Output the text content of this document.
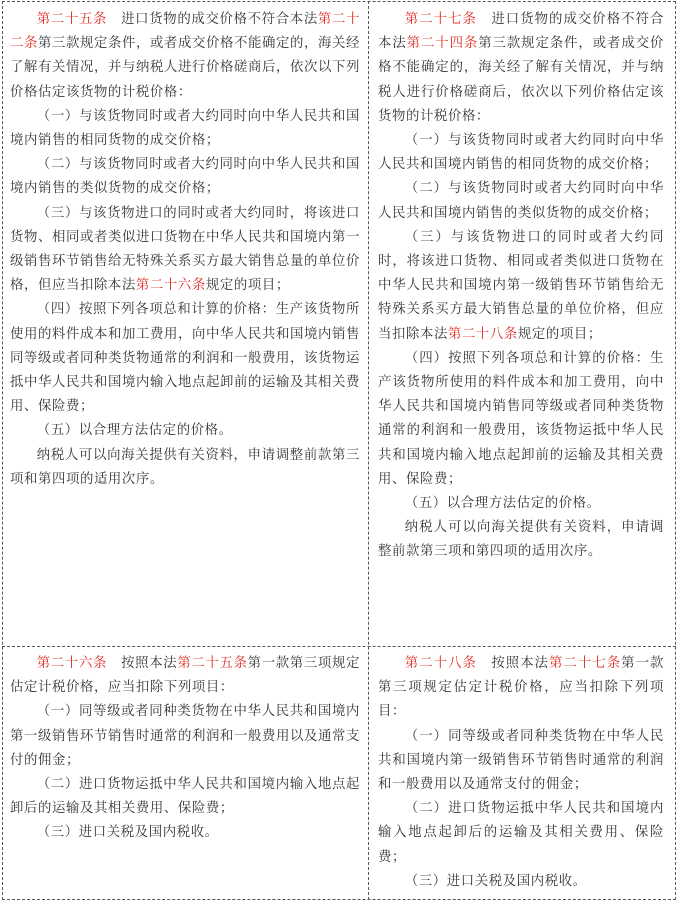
第二十五条　进口货物的成交价格不符合本法第二十二条第三款规定条件，或者成交价格不能确定的，海关经了解有关情况，并与纳税人进行价格磋商后，依次以下列价格估定该货物的计税价格：

（一）与该货物同时或者大约同时向中华人民共和国境内销售的相同货物的成交价格；

（二）与该货物同时或者大约同时向中华人民共和国境内销售的类似货物的成交价格；

（三）与该货物进口的同时或者大约同时，将该进口货物、相同或者类似进口货物在中华人民共和国境内第一级销售环节销售给无特殊关系买方最大销售总量的单位价格，但应当扣除本法第二十六条规定的项目；

（四）按照下列各项总和计算的价格：生产该货物所使用的料件成本和加工费用，向中华人民共和国境内销售同等级或者同种类货物通常的利润和一般费用，该货物运抵中华人民共和国境内输入地点起卸前的运输及其相关费用、保险费；

（五）以合理方法估定的价格。

纳税人可以向海关提供有关资料，申请调整前款第三项和第四项的适用次序。

第二十七条　进口货物的成交价格不符合本法第二十四条第三款规定条件，或者成交价格不能确定的，海关经了解有关情况，并与纳税人进行价格磋商后，依次以下列价格估定该货物的计税价格：

（一）与该货物同时或者大约同时向中华人民共和国境内销售的相同货物的成交价格；

（二）与该货物同时或者大约同时向中华人民共和国境内销售的类似货物的成交价格；

（三）与该货物进口的同时或者大约同时，将该进口货物、相同或者类似进口货物在中华人民共和国境内第一级销售环节销售给无特殊关系买方最大销售总量的单位价格，但应当扣除本法第二十八条规定的项目；

（四）按照下列各项总和计算的价格：生产该货物所使用的料件成本和加工费用，向中华人民共和国境内销售同等级或者同种类货物通常的利润和一般费用，该货物运抵中华人民共和国境内输入地点起卸前的运输及其相关费用、保险费；

（五）以合理方法估定的价格。

纳税人可以向海关提供有关资料，申请调整前款第三项和第四项的适用次序。

第二十六条　按照本法第二十五条第一款第三项规定估定计税价格，应当扣除下列项目：

（一）同等级或者同种类货物在中华人民共和国境内第一级销售环节销售时通常的利润和一般费用以及通常支付的佣金；

（二）进口货物运抵中华人民共和国境内输入地点起卸后的运输及其相关费用、保险费；

（三）进口关税及国内税收。

第二十八条　按照本法第二十七条第一款第三项规定估定计税价格，应当扣除下列项目：

（一）同等级或者同种类货物在中华人民共和国境内第一级销售环节销售时通常的利润和一般费用以及通常支付的佣金；

（二）进口货物运抵中华人民共和国境内输入地点起卸后的运输及其相关费用、保险费；

（三）进口关税及国内税收。
